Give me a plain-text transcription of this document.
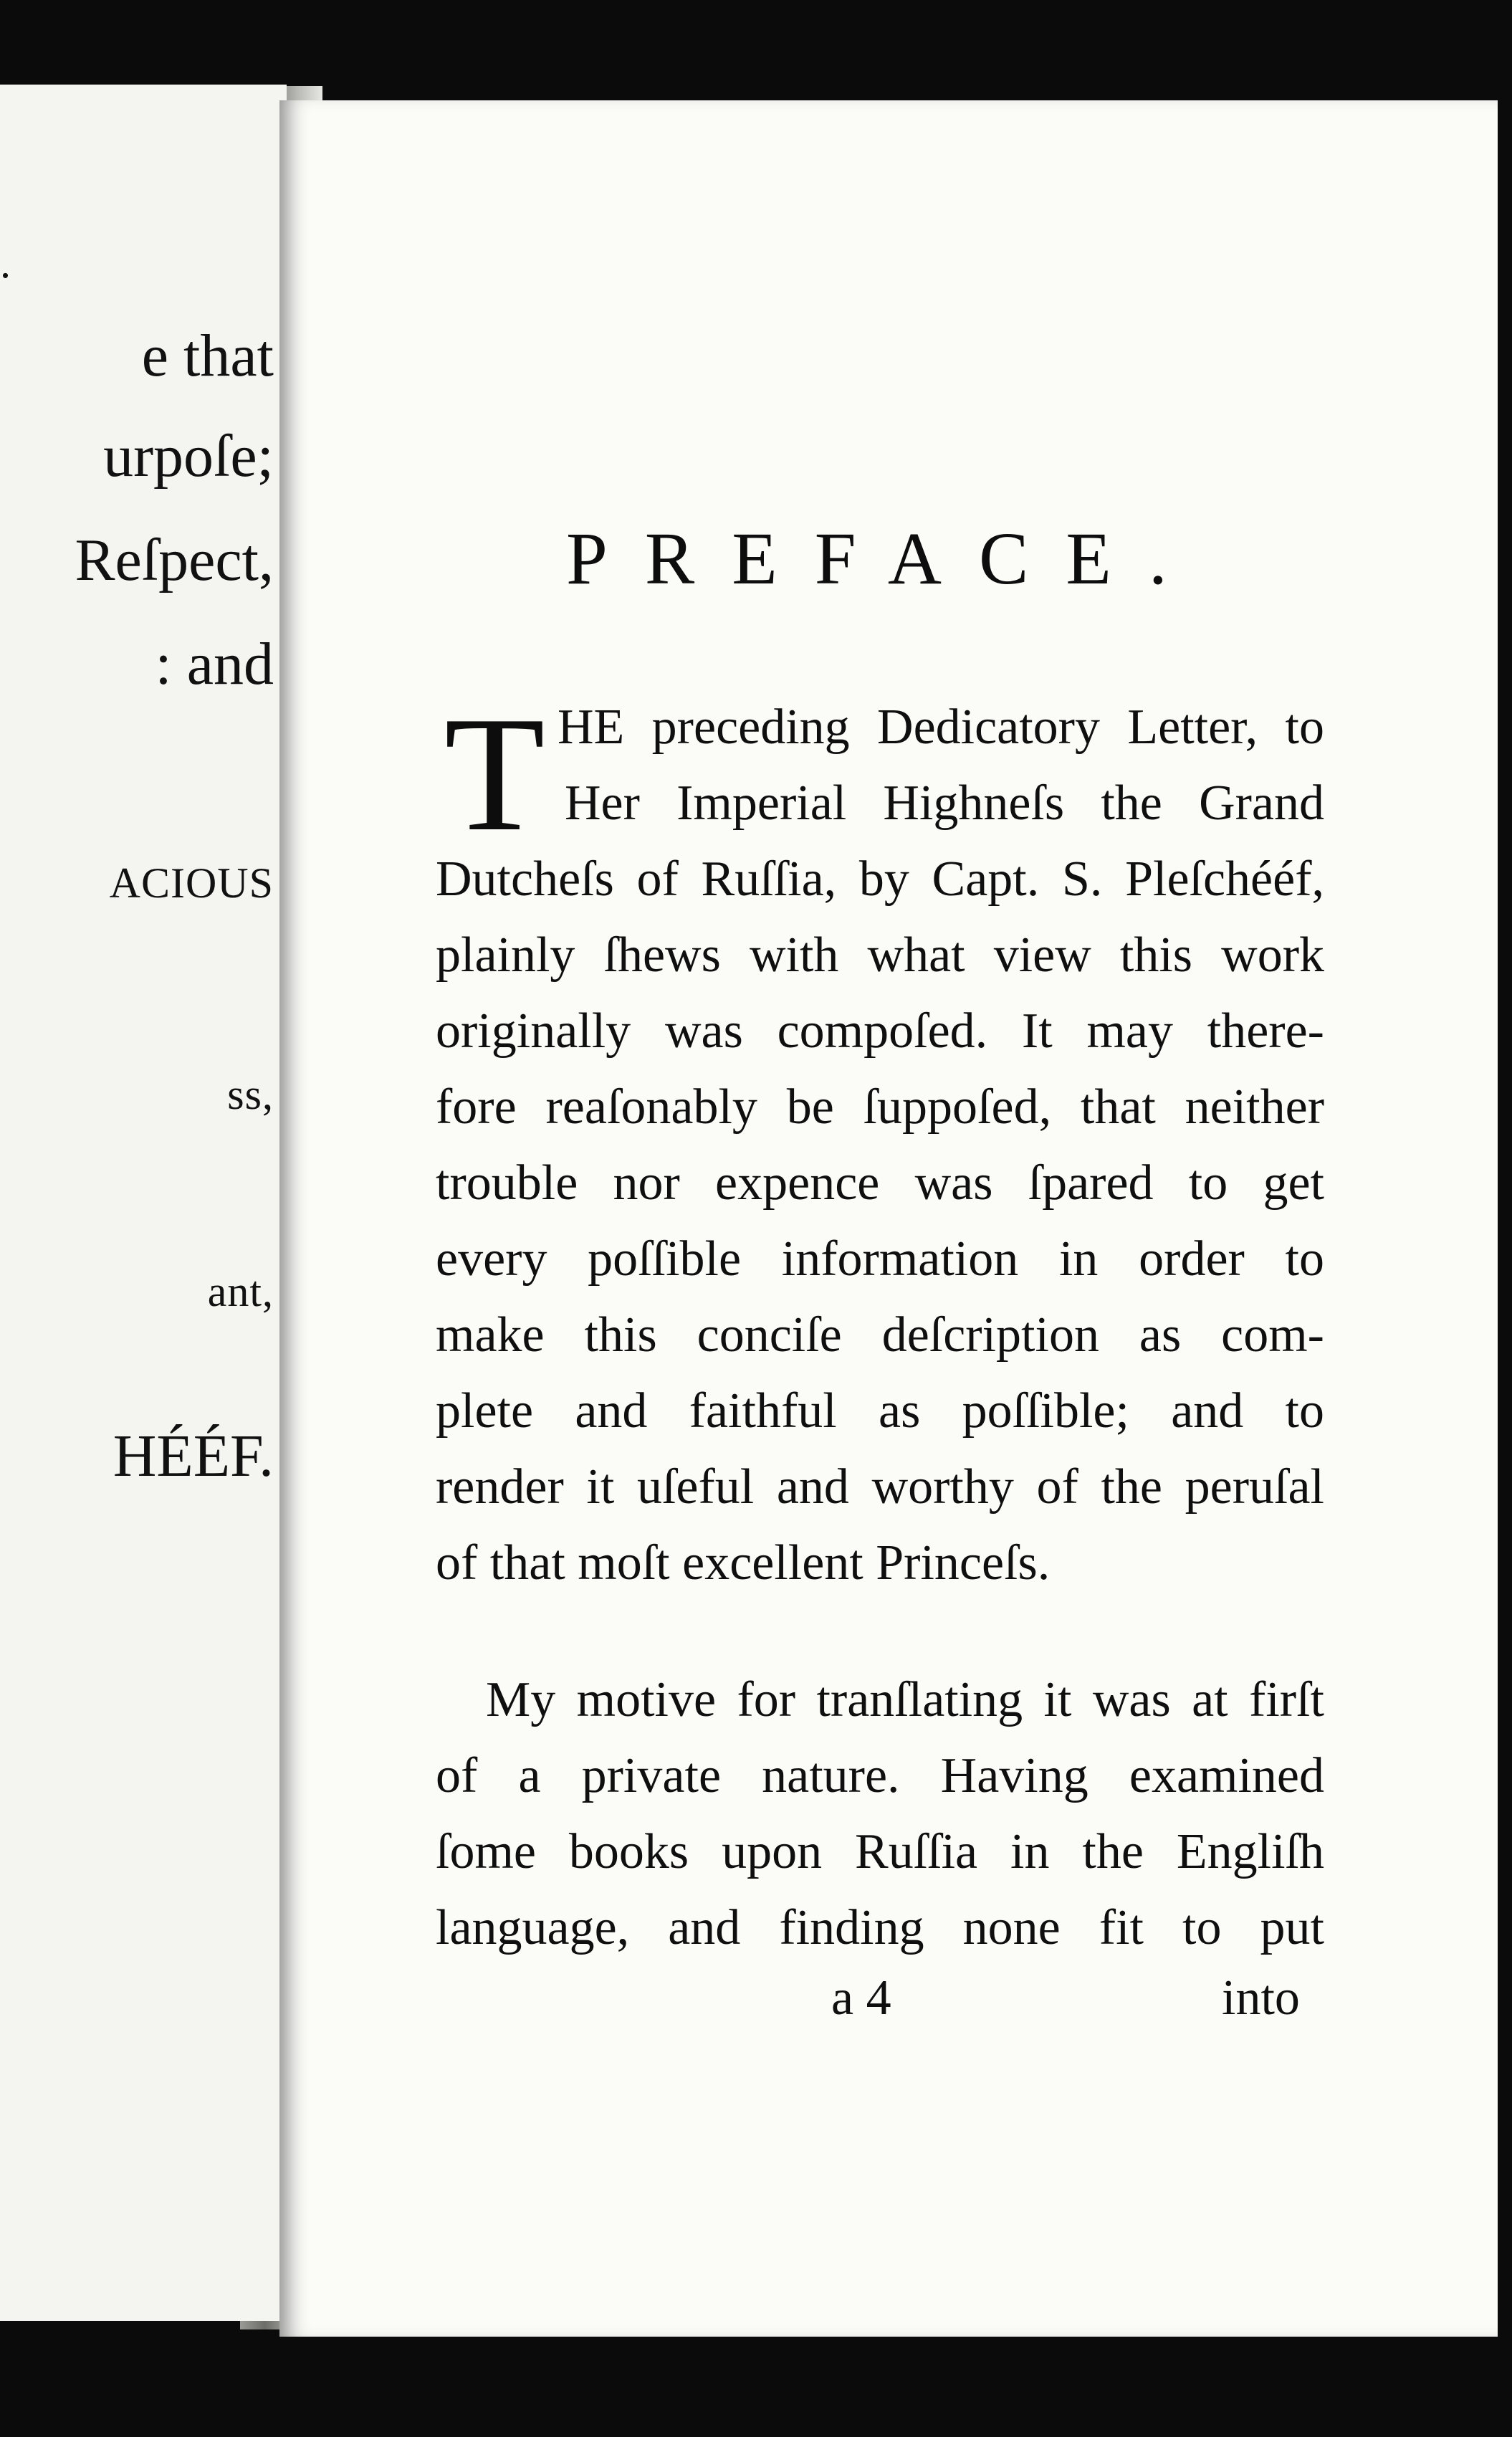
.
e that
urpoſe;
Reſpect,
: and
ACIOUS
ss,
ant,
HÉÉF.
PREFACE.
T HE preceding Dedicatory Letter, to
Her Imperial Highneſs the Grand
Dutcheſs of Ruſſia, by Capt. S. Pleſchééf,
plainly ſhews with what view this work
originally was compoſed. It may there-
fore reaſonably be ſuppoſed, that neither
trouble nor expence was ſpared to get
every poſſible information in order to
make this conciſe deſcription as com-
plete and faithful as poſſible; and to
render it uſeful and worthy of the peruſal
of that moſt excellent Princeſs.
My motive for tranſlating it was at firſt
of a private nature. Having examined
ſome books upon Ruſſia in the Engliſh
language, and finding none fit to put
a 4	into
